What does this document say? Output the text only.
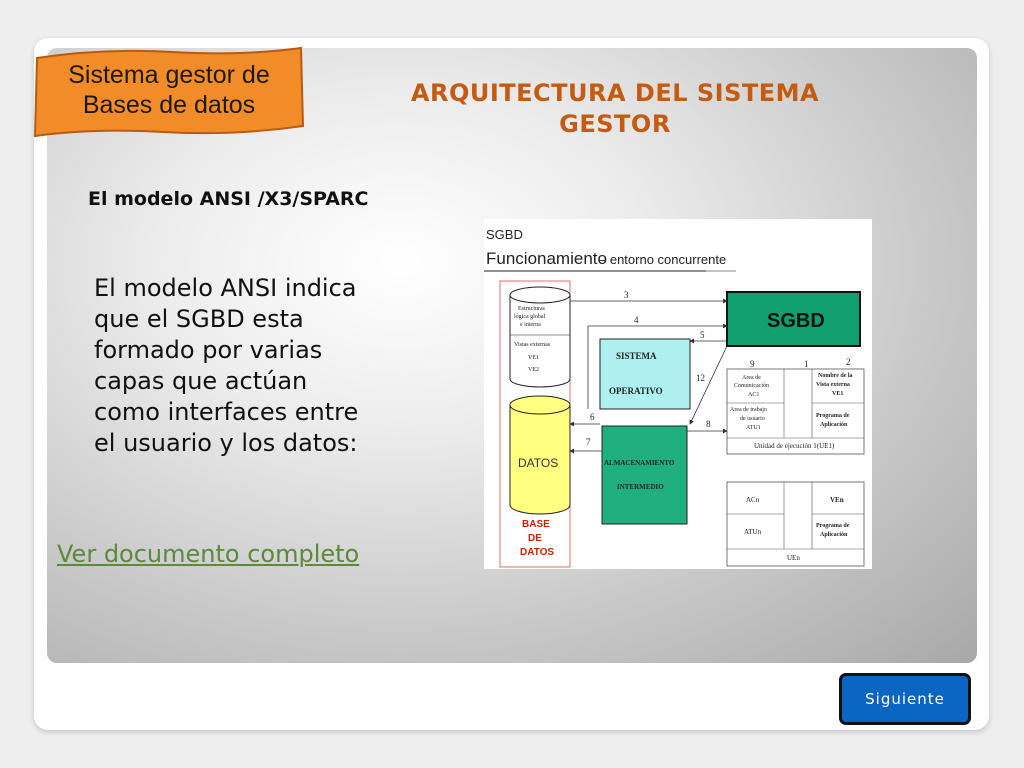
Sistema gestor de
Bases de datos	ARQUITECTURA DEL SISTEMA
GESTOR
El modelo ANSI /X3/SPARC
El modelo ANSI indica
que el SGBD esta
formado por varias
capas que actúan
como interfaces entre
el usuario y los datos:
Ver documento completo
SGBD
Funcionamiento
– entorno concurrente
Estructuras
lógica global
e interna
Vistas externas
VE1
VE2
DATOS
BASE
DE
DATOS
SGBD
SISTEMA
OPERATIVO
ALMACENAMIENTO
INTERMEDIO
3
4
5
6
7
8
9	1	2
12	Area de
Comunicación
AC1
Area de trabajo
de usuario
ATU1
Nombre de la
Vista externa
VE1
Programa de
Aplicación
Unidad de ejecución 1(UE1)
ACn
ATUn
VEn
Programa de
Aplicación
UEn
Siguiente
